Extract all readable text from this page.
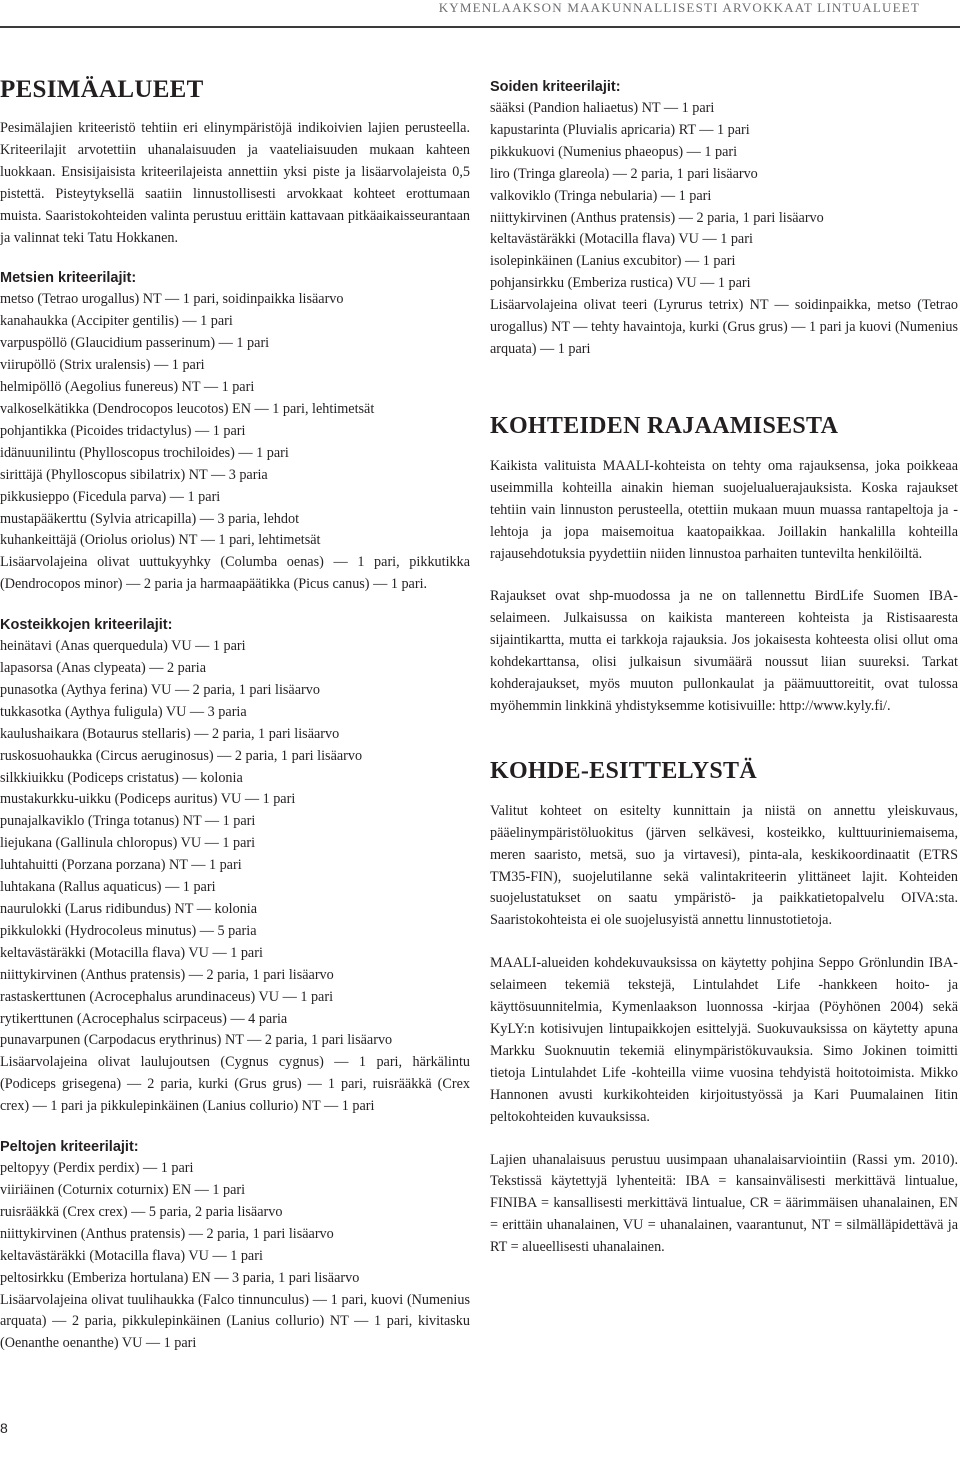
KYMENLAAKSON MAAKUNNALLISESTI ARVOKKAAT LINTUALUEET
PESIMÄALUEET

Pesimälajien kriteeristö tehtiin eri elinympäristöjä indikoivien lajien perusteella. Kriteerilajit arvotettiin uhanalaisuuden ja vaateliaisuuden mukaan kahteen luokkaan. Ensisijaisista kriteerilajeista annettiin yksi piste ja lisäarvolajeista 0,5 pistettä. Pisteytyksellä saatiin linnustollisesti arvokkaat kohteet erottumaan muista. Saaristokohteiden valinta perustuu erittäin kattavaan pitkäaikaisseurantaan ja valinnat teki Tatu Hokkanen.

Metsien kriteerilajit:
metso (Tetrao urogallus) NT — 1 pari, soidinpaikka lisäarvo
kanahaukka (Accipiter gentilis) — 1 pari
varpuspöllö (Glaucidium passerinum) — 1 pari
viirupöllö (Strix uralensis) — 1 pari
helmipöllö (Aegolius funereus) NT — 1 pari
valkoselkätikka (Dendrocopos leucotos) EN — 1 pari, lehtimetsät
pohjantikka (Picoides tridactylus) — 1 pari
idänuunilintu (Phylloscopus trochiloides) — 1 pari
sirittäjä (Phylloscopus sibilatrix) NT — 3 paria
pikkusieppo (Ficedula parva) — 1 pari
mustapääkerttu (Sylvia atricapilla) — 3 paria, lehdot
kuhankeittäjä (Oriolus oriolus) NT — 1 pari, lehtimetsät
Lisäarvolajeina olivat uuttukyyhky (Columba oenas) — 1 pari, pikkutikka (Dendrocopos minor) — 2 paria ja harmaapäätikka (Picus canus) — 1 pari.
Kosteikkojen kriteerilajit:
heinätavi (Anas querquedula) VU — 1 pari
lapasorsa (Anas clypeata) — 2 paria
punasotka (Aythya ferina) VU — 2 paria, 1 pari lisäarvo
tukkasotka (Aythya fuligula) VU — 3 paria
kaulushaikara (Botaurus stellaris) — 2 paria, 1 pari lisäarvo
ruskosuohaukka (Circus aeruginosus) — 2 paria, 1 pari lisäarvo
silkkiuikku (Podiceps cristatus) — kolonia
mustakurkku-uikku (Podiceps auritus) VU — 1 pari
punajalkaviklo (Tringa totanus) NT — 1 pari
liejukana (Gallinula chloropus) VU — 1 pari
luhtahuitti (Porzana porzana) NT — 1 pari
luhtakana (Rallus aquaticus) — 1 pari
naurulokki (Larus ridibundus) NT — kolonia
pikkulokki (Hydrocoleus minutus) — 5 paria
keltavästäräkki (Motacilla flava) VU — 1 pari
niittykirvinen (Anthus pratensis) — 2 paria, 1 pari lisäarvo
rastaskerttunen (Acrocephalus arundinaceus) VU — 1 pari
rytikerttunen (Acrocephalus scirpaceus) — 4 paria
punavarpunen (Carpodacus erythrinus) NT — 2 paria, 1 pari lisäarvo
Lisäarvolajeina olivat laulujoutsen (Cygnus cygnus) — 1 pari, härkälintu (Podiceps grisegena) — 2 paria, kurki (Grus grus) — 1 pari, ruisrääkkä (Crex crex) — 1 pari ja pikkulepinkäinen (Lanius collurio) NT — 1 pari
Peltojen kriteerilajit:
peltopyy (Perdix perdix) — 1 pari
viiriäinen (Coturnix coturnix) EN — 1 pari
ruisrääkkä (Crex crex) — 5 paria, 2 paria lisäarvo
niittykirvinen (Anthus pratensis) — 2 paria, 1 pari lisäarvo
keltavästäräkki (Motacilla flava) VU — 1 pari
peltosirkku (Emberiza hortulana) EN — 3 paria, 1 pari lisäarvo
Lisäarvolajeina olivat tuulihaukka (Falco tinnunculus) — 1 pari, kuovi (Numenius arquata) — 2 paria, pikkulepinkäinen (Lanius collurio) NT — 1 pari, kivitasku (Oenanthe oenanthe) VU — 1 pari
Soiden kriteerilajit:
sääksi (Pandion haliaetus) NT — 1 pari
kapustarinta (Pluvialis apricaria) RT — 1 pari
pikkukuovi (Numenius phaeopus) — 1 pari
liro (Tringa glareola) — 2 paria, 1 pari lisäarvo
valkoviklo (Tringa nebularia) — 1 pari
niittykirvinen (Anthus pratensis) — 2 paria, 1 pari lisäarvo
keltavästäräkki (Motacilla flava) VU — 1 pari
isolepinkäinen (Lanius excubitor) — 1 pari
pohjansirkku (Emberiza rustica) VU — 1 pari
Lisäarvolajeina olivat teeri (Lyrurus tetrix) NT — soidinpaikka, metso (Tetrao urogallus) NT — tehty havaintoja, kurki (Grus grus) — 1 pari ja kuovi (Numenius arquata) — 1 pari
KOHTEIDEN RAJAAMISESTA

Kaikista valituista MAALI-kohteista on tehty oma rajauksensa, joka poikkeaa useimmilla kohteilla ainakin hieman suojelualuerajauksista. Koska rajaukset tehtiin vain linnuston perusteella, otettiin mukaan muun muassa rantapeltoja ja -lehtoja ja jopa maisemoitua kaatopaikkaa. Joillakin hankalilla kohteilla rajausehdotuksia pyydettiin niiden linnustoa parhaiten tuntevilta henkilöiltä.

Rajaukset ovat shp-muodossa ja ne on tallennettu BirdLife Suomen IBA-selaimeen. Julkaisussa on kaikista mantereen kohteista ja Ristisaaresta sijaintikartta, mutta ei tarkkoja rajauksia. Jos jokaisesta kohteesta olisi ollut oma kohdekarttansa, olisi julkaisun sivumäärä noussut liian suureksi. Tarkat kohderajaukset, myös muuton pullonkaulat ja päämuuttoreitit, ovat tulossa myöhemmin linkkinä yhdistyksemme kotisivuille: http://www.kyly.fi/.

KOHDE-ESITTELYSTÄ

Valitut kohteet on esitelty kunnittain ja niistä on annettu yleiskuvaus, pääelinympäristöluokitus (järven selkävesi, kosteikko, kulttuuriniemaisema, meren saaristo, metsä, suo ja virtavesi), pinta-ala, keskikoordinaatit (ETRS TM35-FIN), suojelutilanne sekä valintakriteerin ylittäneet lajit. Kohteiden suojelustatukset on saatu ympäristö- ja paikkatietopalvelu OIVA:sta. Saaristokohteista ei ole suojelusyistä annettu linnustotietoja.

MAALI-alueiden kohdekuvauksissa on käytetty pohjina Seppo Grönlundin IBA-selaimeen tekemiä tekstejä, Lintulahdet Life -hankkeen hoito- ja käyttösuunnitelmia, Kymenlaakson luonnossa -kirjaa (Pöyhönen 2004) sekä KyLY:n kotisivujen lintupaikkojen esittelyjä. Suokuvauksissa on käytetty apuna Markku Suoknuutin tekemiä elinympäristökuvauksia. Simo Jokinen toimitti tietoja Lintulahdet Life -kohteilla viime vuosina tehdyistä hoitotoimista. Mikko Hannonen avusti kurkikohteiden kirjoitustyössä ja Kari Puumalainen Iitin peltokohteiden kuvauksissa.

Lajien uhanalaisuus perustuu uusimpaan uhanalaisarviointiin (Rassi ym. 2010). Tekstissä käytettyjä lyhenteitä: IBA = kansainvälisesti merkittävä lintualue, FINIBA = kansallisesti merkittävä lintualue, CR = äärimmäisen uhanalainen, EN = erittäin uhanalainen, VU = uhanalainen, vaarantunut, NT = silmälläpidettävä ja RT = alueellisesti uhanalainen.

8
